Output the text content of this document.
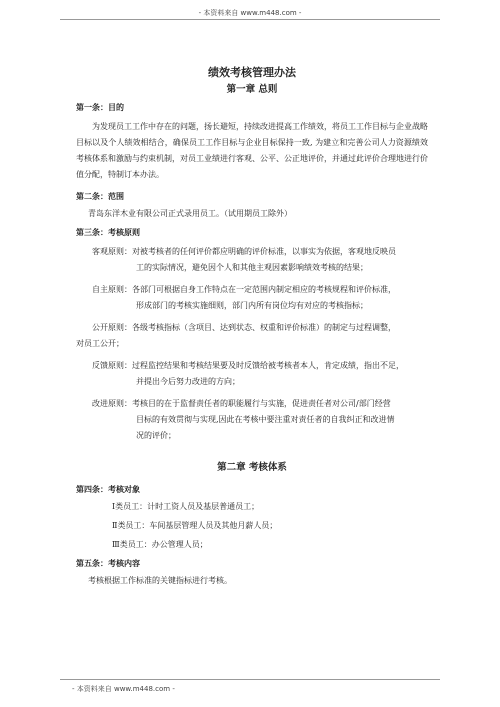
- 本资料来自 www.m448.com -
绩效考核管理办法
第一章 总则
第一条：目的
为发现员工工作中存在的问题，扬长避短，持续改进提高工作绩效，将员工工作目标与企业战略目标以及个人绩效相结合，确保员工工作目标与企业目标保持一致, 为建立和完善公司人力资源绩效考核体系和激励与约束机制，对员工业绩进行客观、公平、公正地评价，并通过此评价合理地进行价值分配，特制订本办法。
第二条：范围
青岛东洋木业有限公司正式录用员工。（试用期员工除外）
第三条：考核原则
客观原则：对被考核者的任何评价都应明确的评价标准，以事实为依据，客观地反映员
工的实际情况，避免因个人和其他主观因素影响绩效考核的结果；
自主原则：各部门可根据自身工作特点在一定范围内制定相应的考核规程和评价标准，
形成部门的考核实施细则，部门内所有岗位均有对应的考核指标；
公开原则：各级考核指标（含项目、达到状态、权重和评价标准）的制定与过程调整，
对员工公开；
反馈原则：过程监控结果和考核结果要及时反馈给被考核者本人，肯定成绩，指出不足，
并提出今后努力改进的方向；
改进原则：考核目的在于监督责任者的职能履行与实施，促进责任者对公司/部门经营
目标的有效贯彻与实现,因此在考核中要注重对责任者的自我纠正和改进情
况的评价；
第二章 考核体系
第四条：考核对象
Ⅰ类员工：计时工资人员及基层普通员工；
Ⅱ类员工：车间基层管理人员及其他月薪人员；
Ⅲ类员工：办公管理人员；
第五条：考核内容
考核根据工作标准的关键指标进行考核。
- 本资料来自 www.m448.com -
